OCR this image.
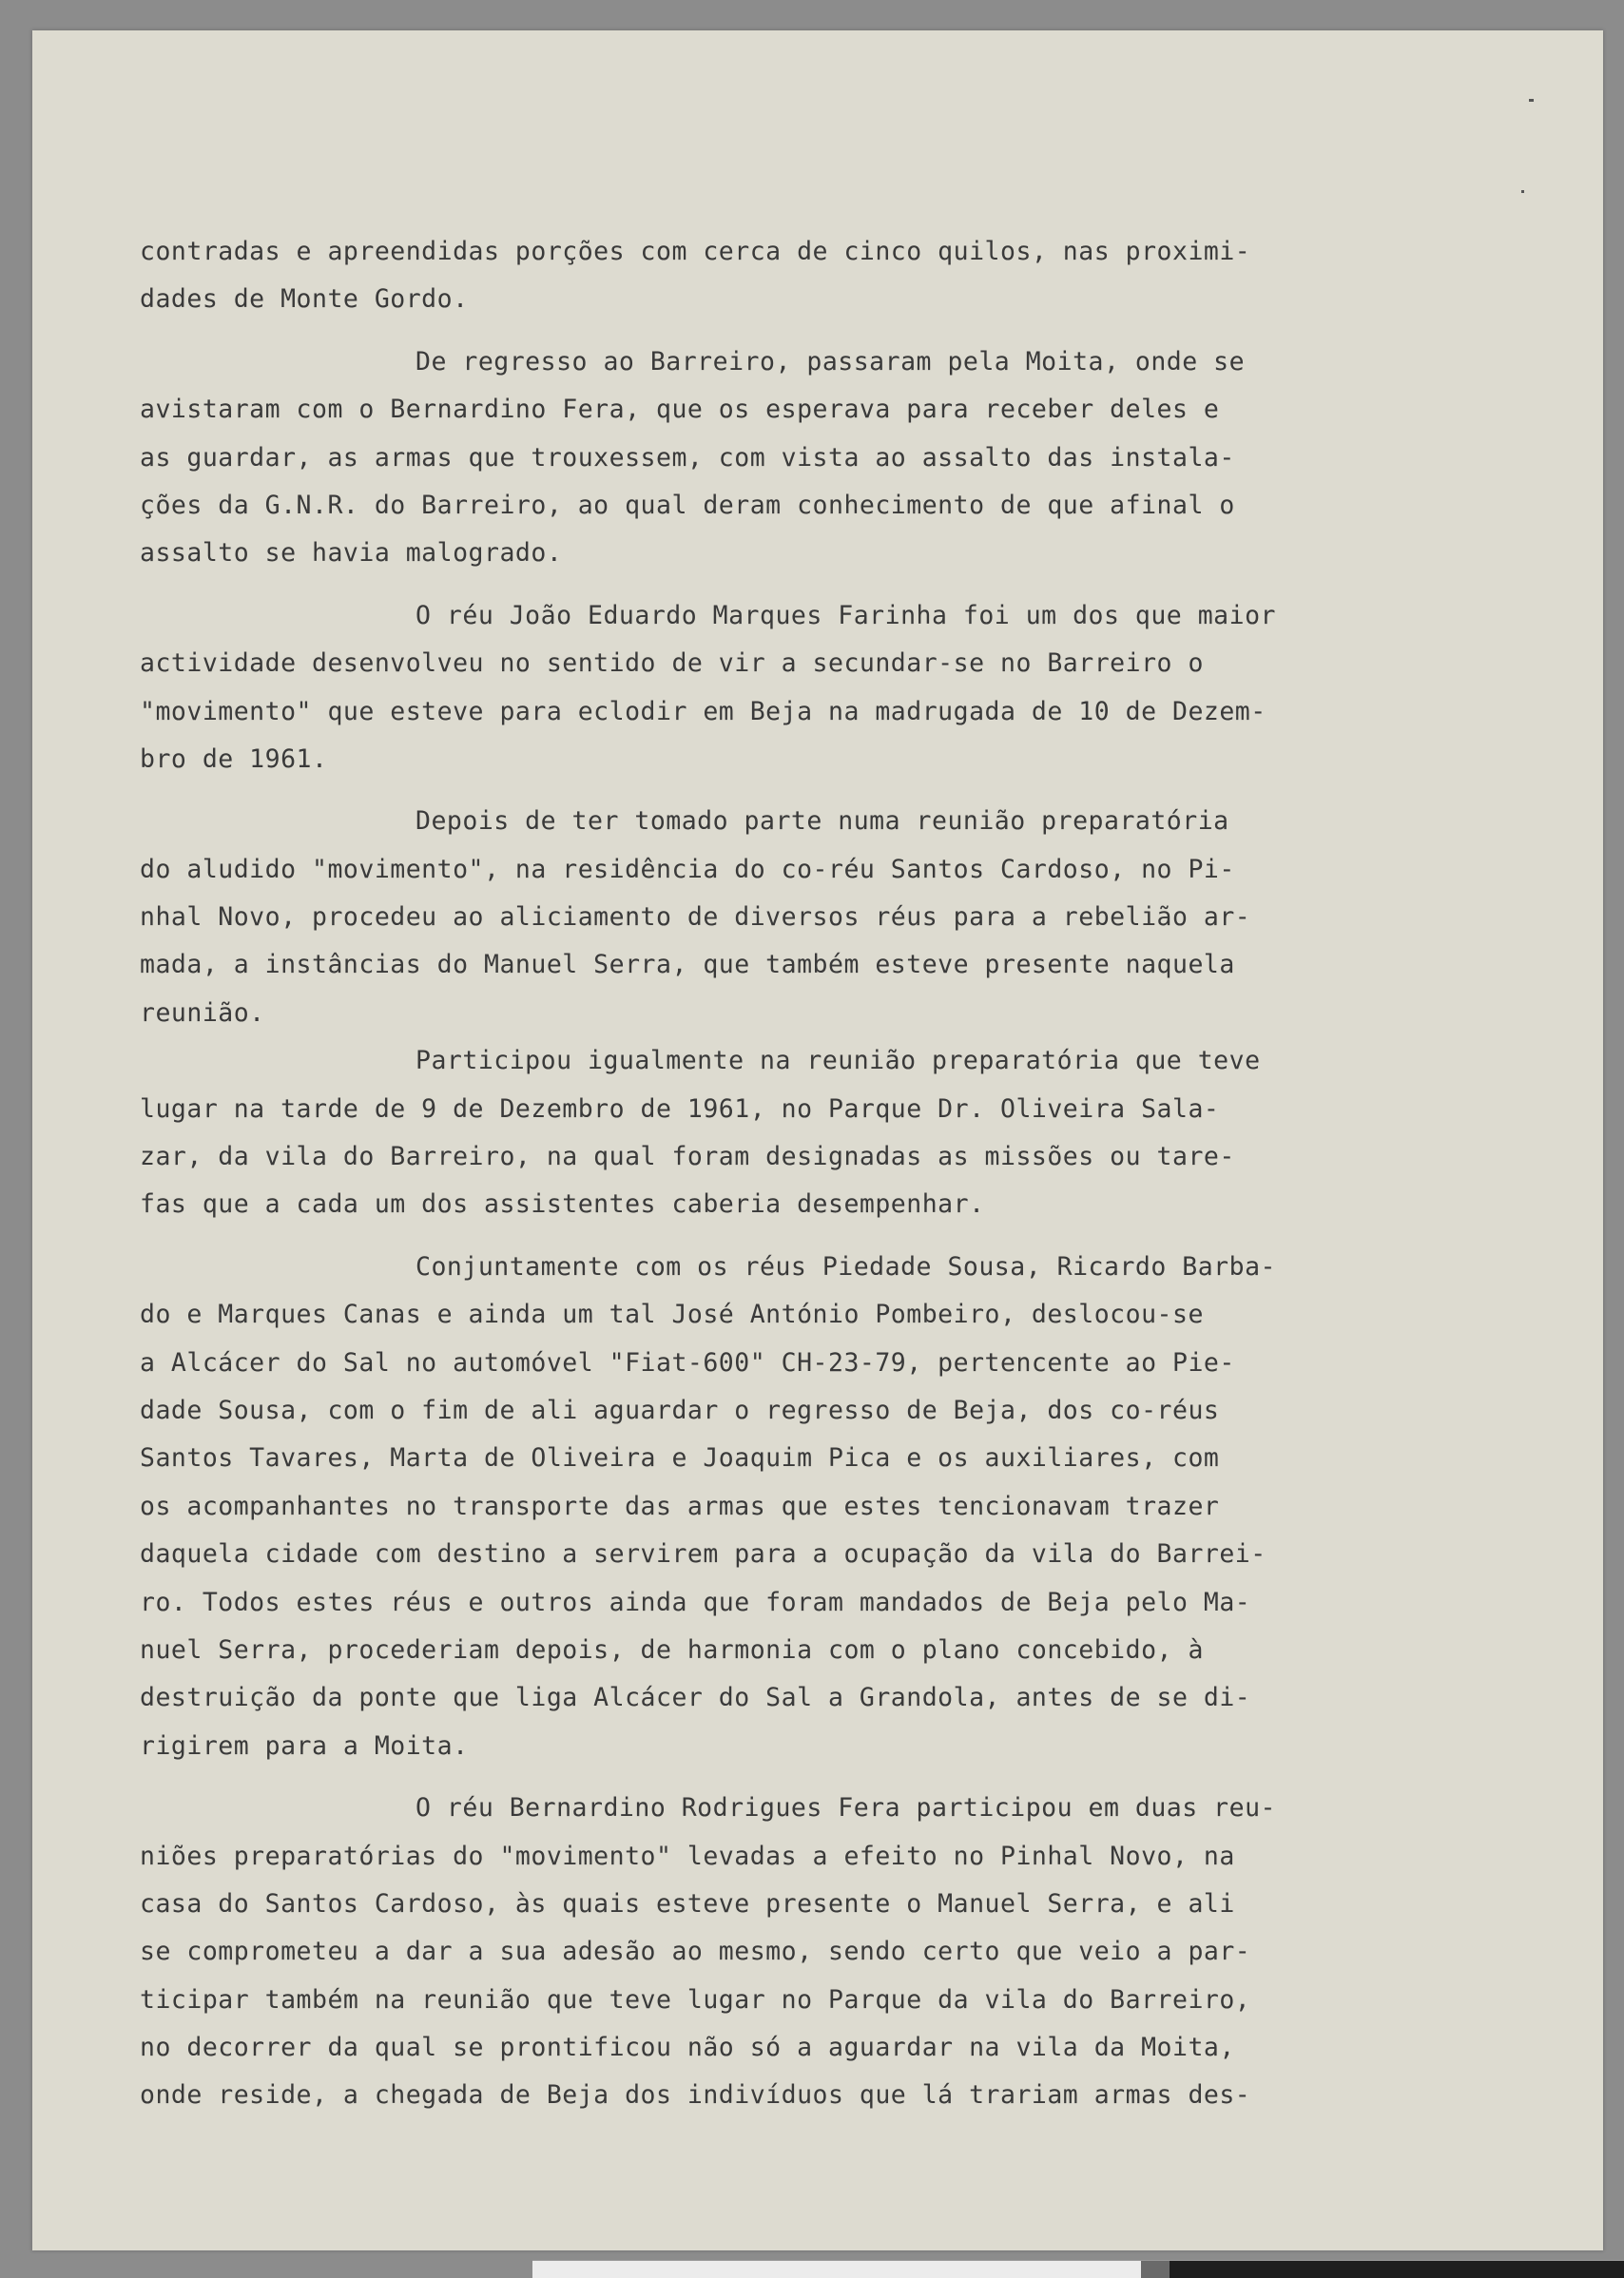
contradas e apreendidas porções com cerca de cinco quilos, nas proximi-
dades de Monte Gordo.
De regresso ao Barreiro, passaram pela Moita, onde se
avistaram com o Bernardino Fera, que os esperava para receber deles e
as guardar, as armas que trouxessem, com vista ao assalto das instala-
ções da G.N.R. do Barreiro, ao qual deram conhecimento de que afinal o
assalto se havia malogrado.
O réu João Eduardo Marques Farinha foi um dos que maior
actividade desenvolveu no sentido de vir a secundar-se no Barreiro o
"movimento" que esteve para eclodir em Beja na madrugada de 10 de Dezem-
bro de 1961.
Depois de ter tomado parte numa reunião preparatória
do aludido "movimento", na residência do co-réu Santos Cardoso, no Pi-
nhal Novo, procedeu ao aliciamento de diversos réus para a rebelião ar-
mada, a instâncias do Manuel Serra, que também esteve presente naquela
reunião.
Participou igualmente na reunião preparatória que teve
lugar na tarde de 9 de Dezembro de 1961, no Parque Dr. Oliveira Sala-
zar, da vila do Barreiro, na qual foram designadas as missões ou tare-
fas que a cada um dos assistentes caberia desempenhar.
Conjuntamente com os réus Piedade Sousa, Ricardo Barba-
do e Marques Canas e ainda um tal José António Pombeiro, deslocou-se
a Alcácer do Sal no automóvel "Fiat-600" CH-23-79, pertencente ao Pie-
dade Sousa, com o fim de ali aguardar o regresso de Beja, dos co-réus
Santos Tavares, Marta de Oliveira e Joaquim Pica e os auxiliares, com
os acompanhantes no transporte das armas que estes tencionavam trazer
daquela cidade com destino a servirem para a ocupação da vila do Barrei-
ro. Todos estes réus e outros ainda que foram mandados de Beja pelo Ma-
nuel Serra, procederiam depois, de harmonia com o plano concebido, à
destruição da ponte que liga Alcácer do Sal a Grandola, antes de se di-
rigirem para a Moita.
O réu Bernardino Rodrigues Fera participou em duas reu-
niões preparatórias do "movimento" levadas a efeito no Pinhal Novo, na
casa do Santos Cardoso, às quais esteve presente o Manuel Serra, e ali
se comprometeu a dar a sua adesão ao mesmo, sendo certo que veio a par-
ticipar também na reunião que teve lugar no Parque da vila do Barreiro,
no decorrer da qual se prontificou não só a aguardar na vila da Moita,
onde reside, a chegada de Beja dos indivíduos que lá trariam armas des-
